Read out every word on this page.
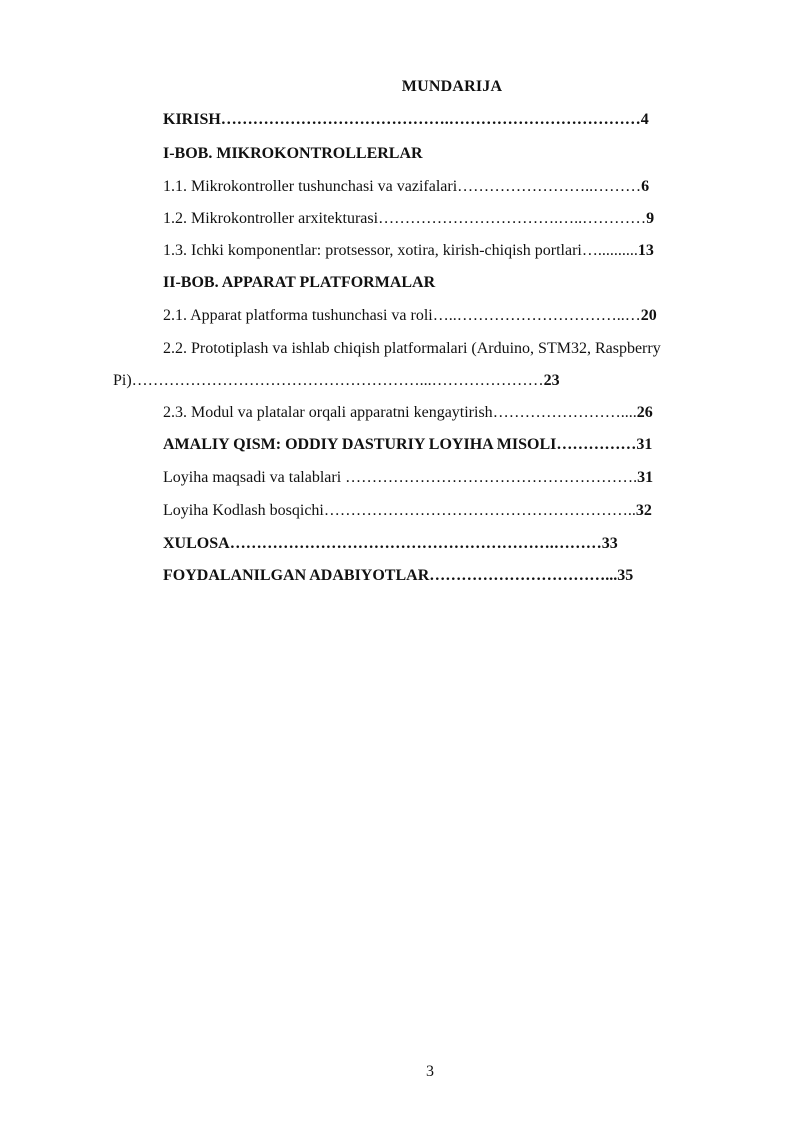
MUNDARIJA
KIRISH…………………………………….………………………………4
I-BOB. MIKROKONTROLLERLAR
1.1. Mikrokontroller tushunchasi va vazifalari……………………..………6
1.2. Mikrokontroller arxitekturasi…………………………….…..…………9
1.3. Ichki komponentlar: protsessor, xotira, kirish-chiqish portlari…..........13
II-BOB. APPARAT PLATFORMALAR
2.1. Apparat platforma tushunchasi va roli…..…………………………..…20
2.2. Prototiplash va ishlab chiqish platformalari (Arduino, STM32, Raspberry
Pi)………………………………………………...…………………23
2.3. Modul va platalar orqali apparatni kengaytirish……………………....26
AMALIY QISM: ODDIY DASTURIY LOYIHA MISOLI……………31
Loyiha maqsadi va talablari ……………………………………………….31
Loyiha Kodlash bosqichi…………………………………………………..32
XULOSA…………………………………………………….………33
FOYDALANILGAN ADABIYOTLAR……………………………...35
3
